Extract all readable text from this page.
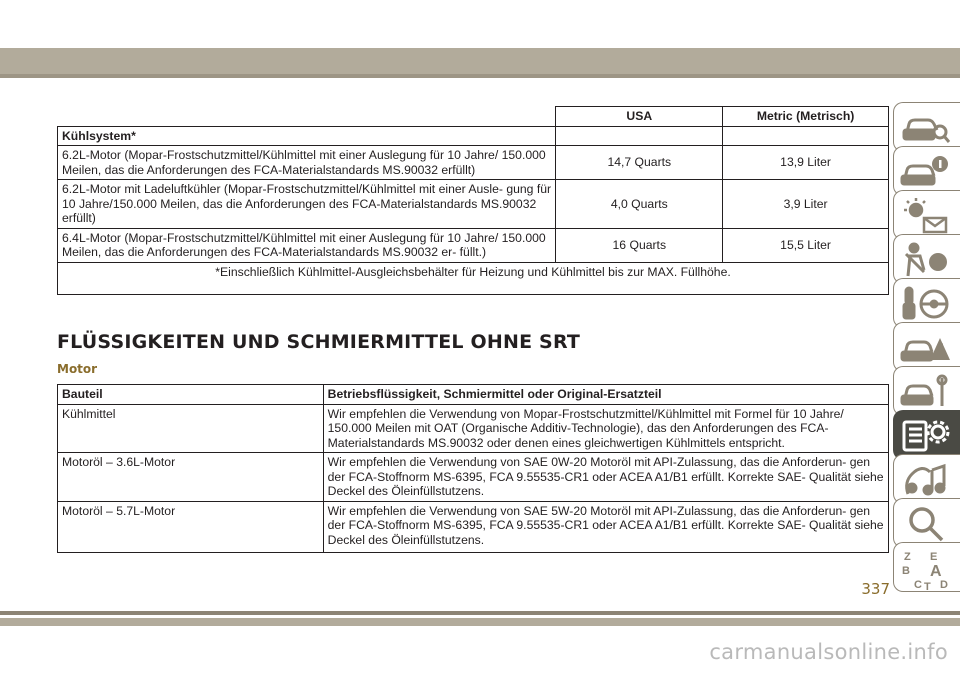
	USA	Metric (Metrisch)
Kühlsystem*		
6.2L-Motor (Mopar-Frostschutzmittel/Kühlmittel mit einer Auslegung für 10 Jahre/ 150.000 Meilen, das die Anforderungen des FCA-Materialstandards MS.90032 erfüllt)	14,7 Quarts	13,9 Liter
6.2L-Motor mit Ladeluftkühler (Mopar-Frostschutzmittel/Kühlmittel mit einer Ausle- gung für 10 Jahre/150.000 Meilen, das die Anforderungen des FCA-Materialstandards MS.90032 erfüllt)	4,0 Quarts	3,9 Liter
6.4L-Motor (Mopar-Frostschutzmittel/Kühlmittel mit einer Auslegung für 10 Jahre/ 150.000 Meilen, das die Anforderungen des FCA-Materialstandards MS.90032 er- füllt.)	16 Quarts	15,5 Liter
*Einschließlich Kühlmittel-Ausgleichsbehälter für Heizung und Kühlmittel bis zur MAX. Füllhöhe.		
FLÜSSIGKEITEN UND SCHMIERMITTEL OHNE SRT
Motor
Bauteil	Betriebsflüssigkeit, Schmiermittel oder Original-Ersatzteil
Kühlmittel	Wir empfehlen die Verwendung von Mopar-Frostschutzmittel/Kühlmittel mit Formel für 10 Jahre/ 150.000 Meilen mit OAT (Organische Additiv-Technologie), das den Anforderungen des FCA- Materialstandards MS.90032 oder denen eines gleichwertigen Kühlmittels entspricht.
Motoröl – 3.6L-Motor	Wir empfehlen die Verwendung von SAE 0W-20 Motoröl mit API-Zulassung, das die Anforderun- gen der FCA-Stoffnorm MS-6395, FCA 9.55535-CR1 oder ACEA A1/B1 erfüllt. Korrekte SAE- Qualität siehe Deckel des Öleinfüllstutzens.
Motoröl – 5.7L-Motor	Wir empfehlen die Verwendung von SAE 5W-20 Motoröl mit API-Zulassung, das die Anforderun- gen der FCA-Stoffnorm MS-6395, FCA 9.55535-CR1 oder ACEA A1/B1 erfüllt. Korrekte SAE- Qualität siehe Deckel des Öleinfüllstutzens.
Z E
B A
C D
T
337
carmanualsonline.info
